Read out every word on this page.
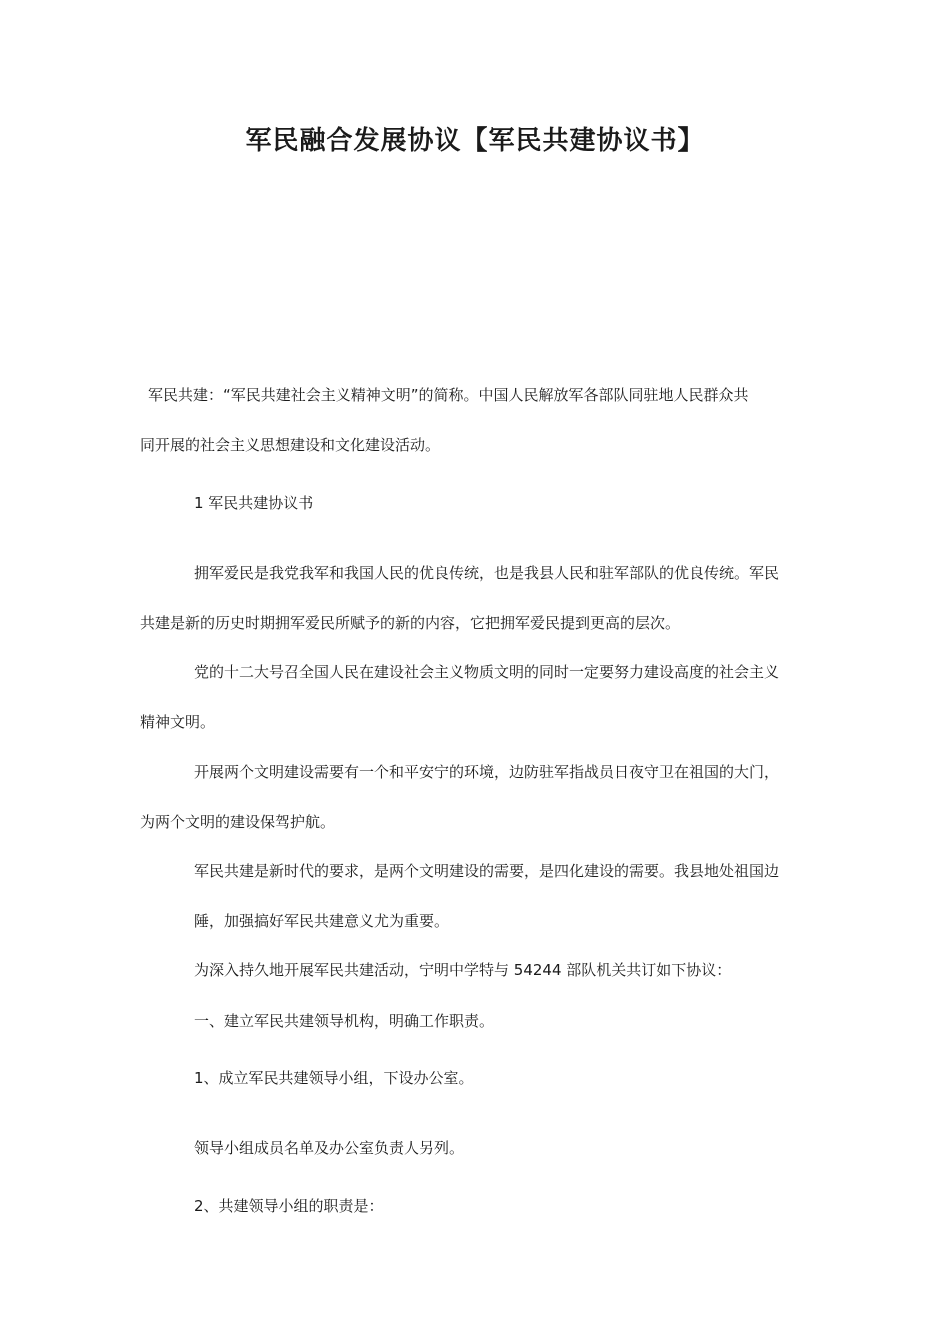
军民融合发展协议【军民共建协议书】
军民共建：“军民共建社会主义精神文明”的简称。中国人民解放军各部队同驻地人民群众共
同开展的社会主义思想建设和文化建设活动。
1 军民共建协议书
拥军爱民是我党我军和我国人民的优良传统，也是我县人民和驻军部队的优良传统。军民
共建是新的历史时期拥军爱民所赋予的新的内容，它把拥军爱民提到更高的层次。
党的十二大号召全国人民在建设社会主义物质文明的同时一定要努力建设高度的社会主义
精神文明。
开展两个文明建设需要有一个和平安宁的环境，边防驻军指战员日夜守卫在祖国的大门，
为两个文明的建设保驾护航。
军民共建是新时代的要求，是两个文明建设的需要，是四化建设的需要。我县地处祖国边
陲，加强搞好军民共建意义尤为重要。
为深入持久地开展军民共建活动，宁明中学特与 54244 部队机关共订如下协议：
一、建立军民共建领导机构，明确工作职责。
1、成立军民共建领导小组，下设办公室。
领导小组成员名单及办公室负责人另列。
2、共建领导小组的职责是：
